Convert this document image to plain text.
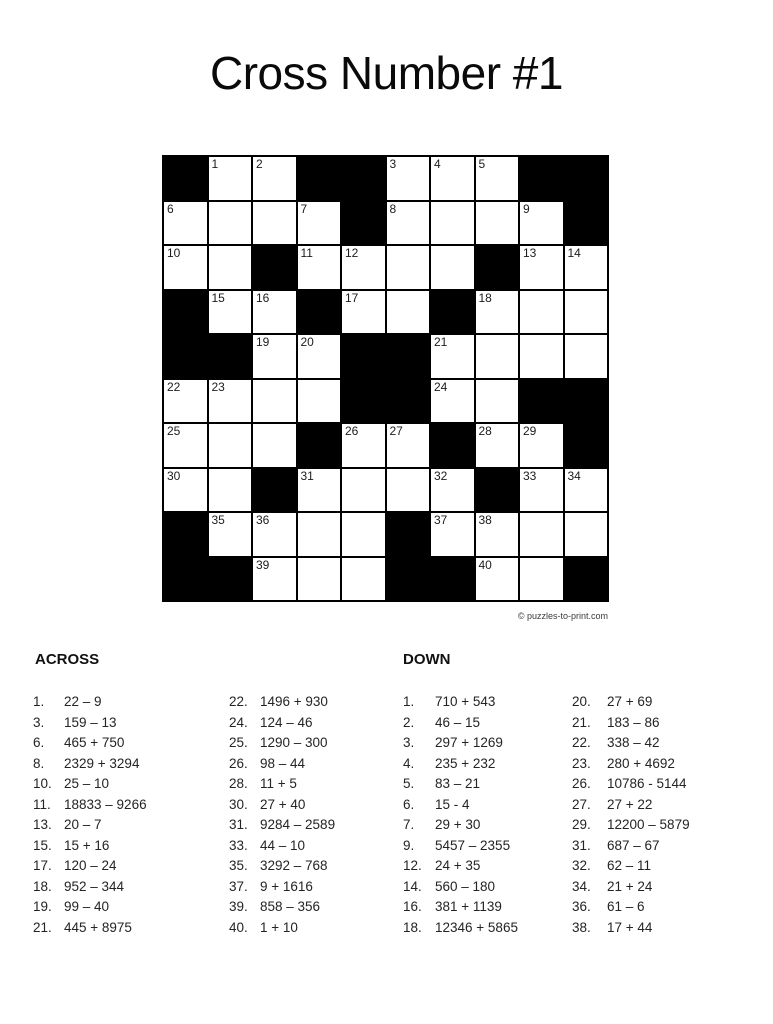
Cross Number #1
1	2	3	4	5
6	7	8	9
10	11	12	13	14
15	16	17	18
19	20	21
22	23	24
25	26	27	28	29
30	31	32	33	34
35	36	37	38
39	40
© puzzles-to-print.com
ACROSS	DOWN
1.	22 – 9
3.	159 – 13
6.	465 + 750
8.	2329 + 3294
10. 25 – 10
11. 18833 – 9266
13. 20 – 7
15. 15 + 16
17. 120 – 24
18. 952 – 344
19. 99 – 40
21. 445 + 8975
22. 1496 + 930
24. 124 – 46
25. 1290 – 300
26. 98 – 44
28. 11 + 5
30. 27 + 40
31. 9284 – 2589
33. 44 – 10
35. 3292 – 768
37. 9 + 1616
39. 858 – 356
40. 1 + 10
1.	710 + 543
2.	46 – 15
3.	297 + 1269
4.	235 + 232
5.	83 – 21
6.	15 - 4
7.	29 + 30
9.	5457 – 2355
12. 24 + 35
14. 560 – 180
16. 381 + 1139
18. 12346 + 5865
20.	27 + 69
21.	183 – 86
22.	338 – 42
23.	280 + 4692
26.	10786 - 5144
27.	27 + 22
29.	12200 – 5879
31.	687 – 67
32.	62 – 11
34.	21 + 24
36.	61 – 6
38.	17 + 44
